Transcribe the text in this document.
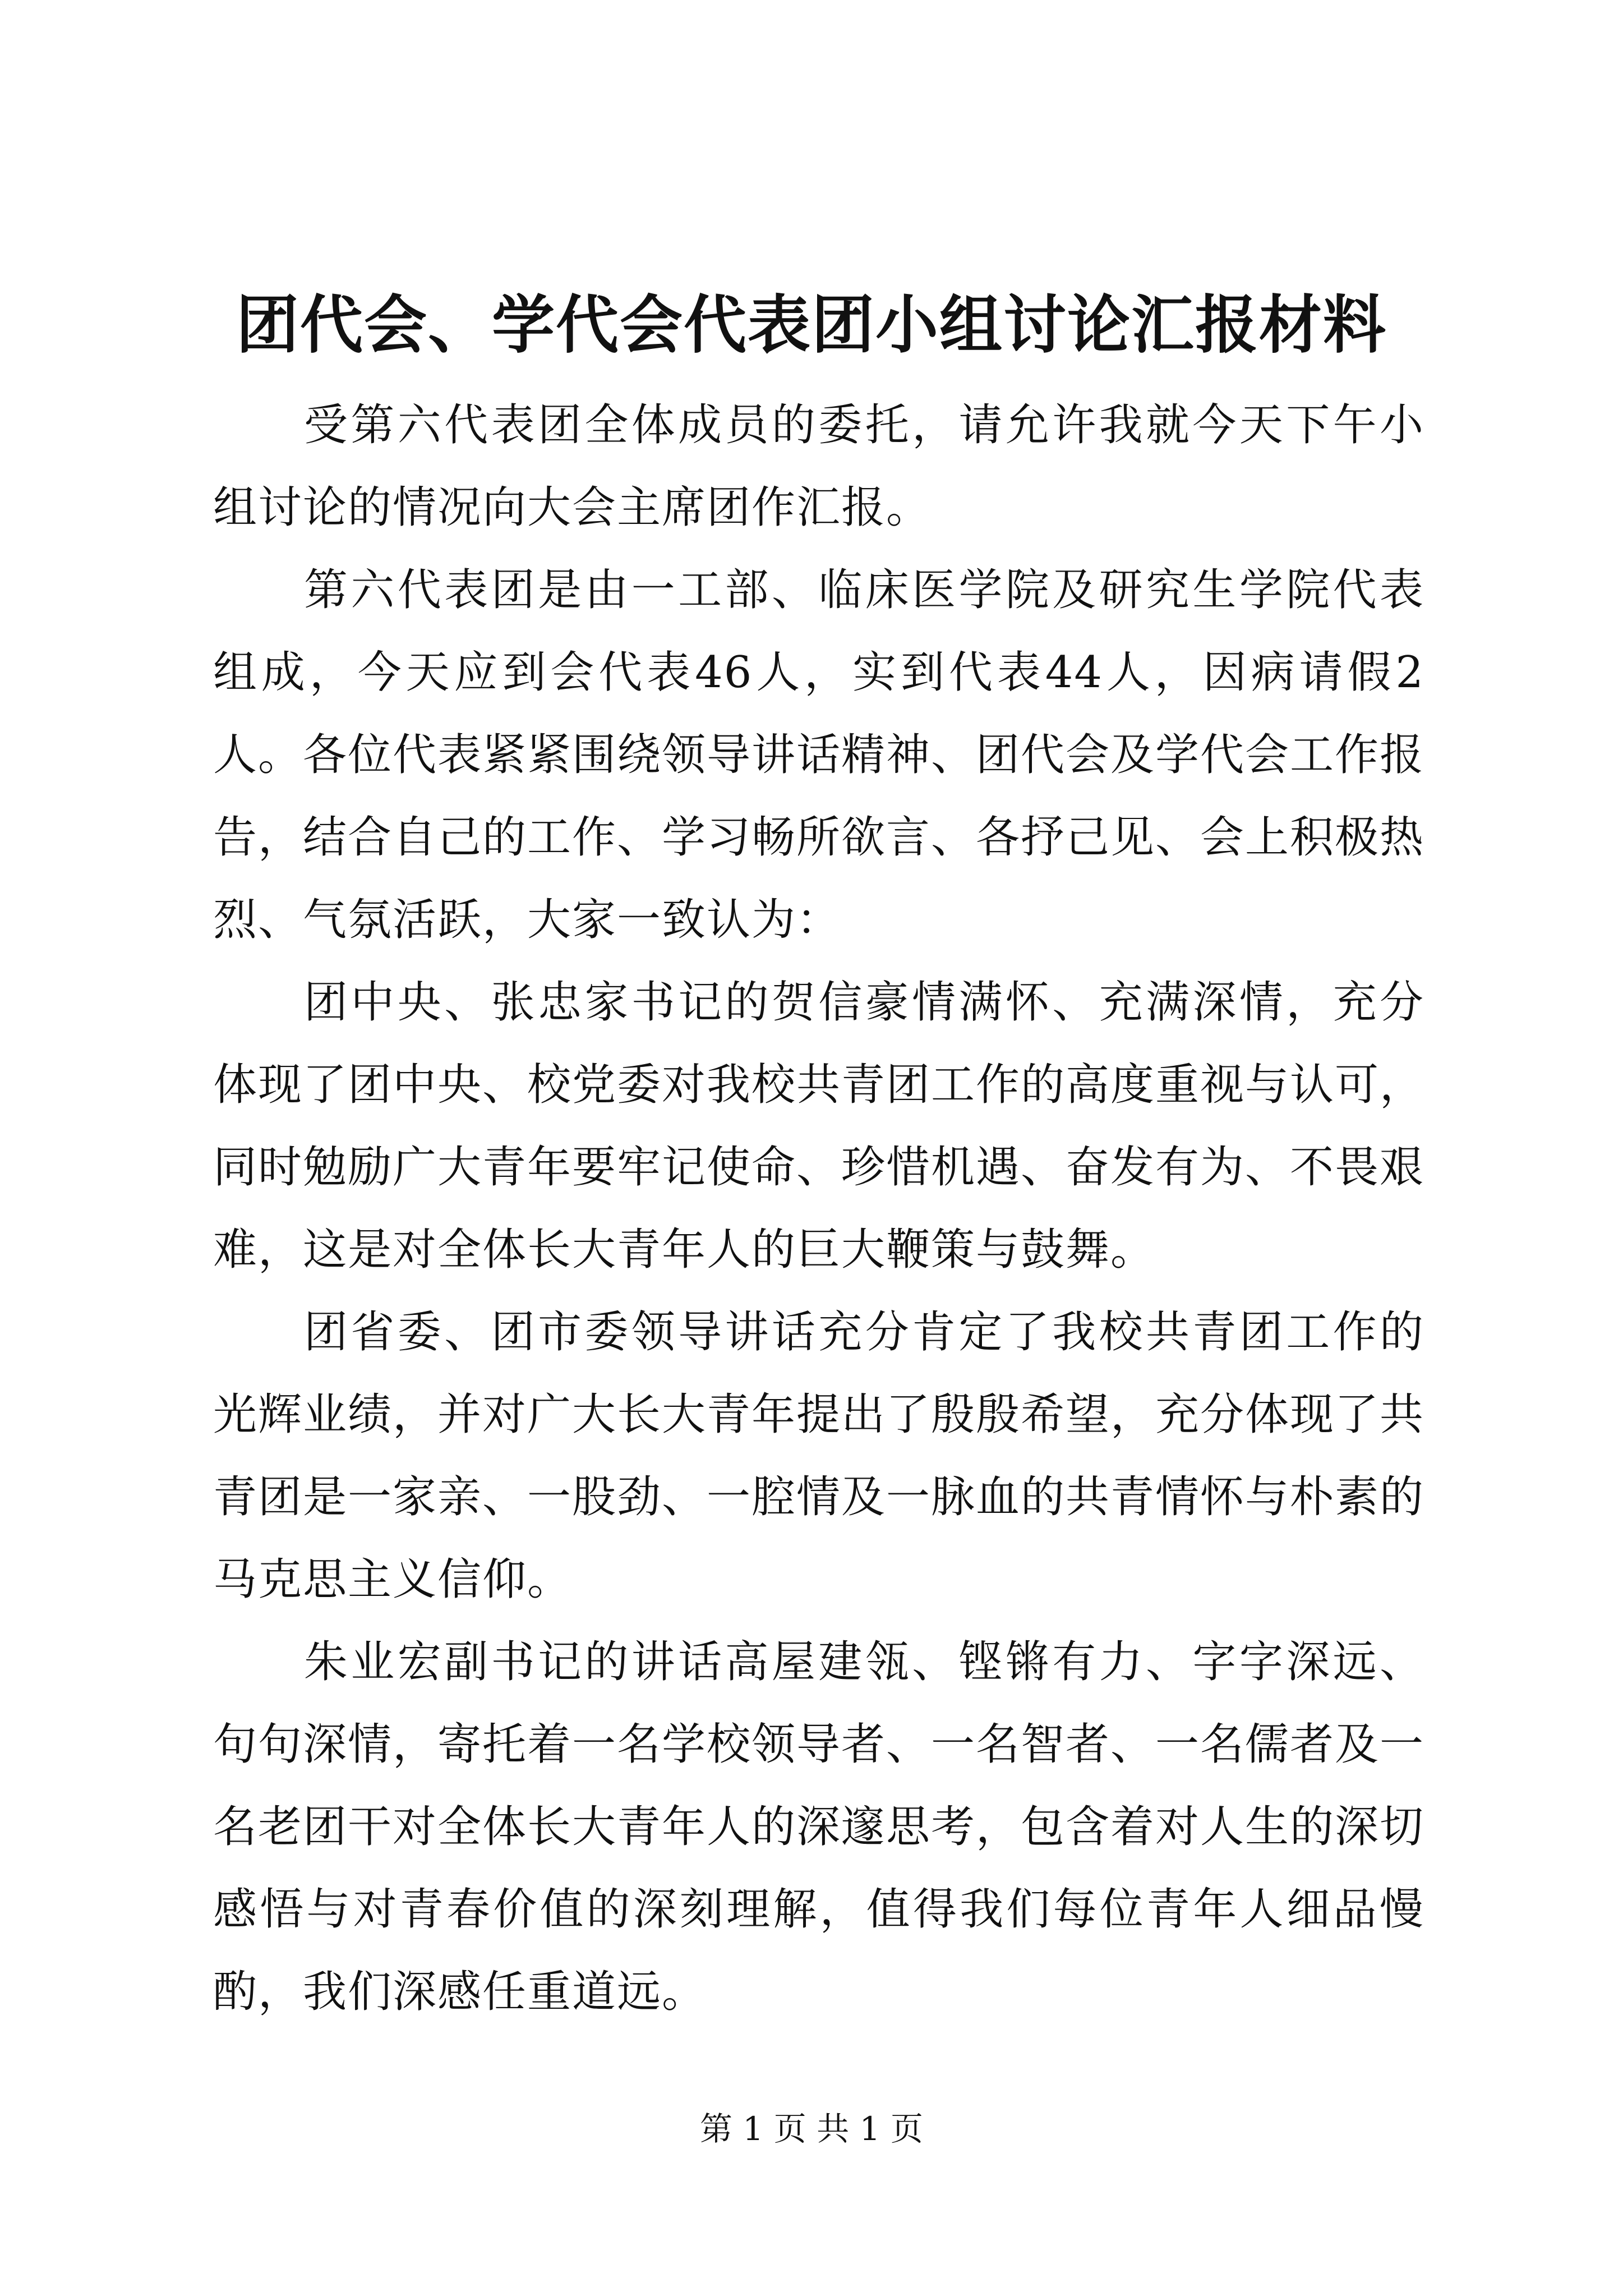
团代会、学代会代表团小组讨论汇报材料

受第六代表团全体成员的委托，请允许我就今天下午小组讨论的情况向大会主席团作汇报。

第六代表团是由一工部、临床医学院及研究生学院代表组成，今天应到会代表46人，实到代表44人，因病请假2人。各位代表紧紧围绕领导讲话精神、团代会及学代会工作报告，结合自己的工作、学习畅所欲言、各抒己见、会上积极热烈、气氛活跃，大家一致认为：

团中央、张忠家书记的贺信豪情满怀、充满深情，充分体现了团中央、校党委对我校共青团工作的高度重视与认可，同时勉励广大青年要牢记使命、珍惜机遇、奋发有为、不畏艰难，这是对全体长大青年人的巨大鞭策与鼓舞。

团省委、团市委领导讲话充分肯定了我校共青团工作的光辉业绩，并对广大长大青年提出了殷殷希望，充分体现了共青团是一家亲、一股劲、一腔情及一脉血的共青情怀与朴素的马克思主义信仰。

朱业宏副书记的讲话高屋建瓴、铿锵有力、字字深远、句句深情，寄托着一名学校领导者、一名智者、一名儒者及一名老团干对全体长大青年人的深邃思考，包含着对人生的深切感悟与对青春价值的深刻理解，值得我们每位青年人细品慢酌，我们深感任重道远。

第 1 页 共 1 页
